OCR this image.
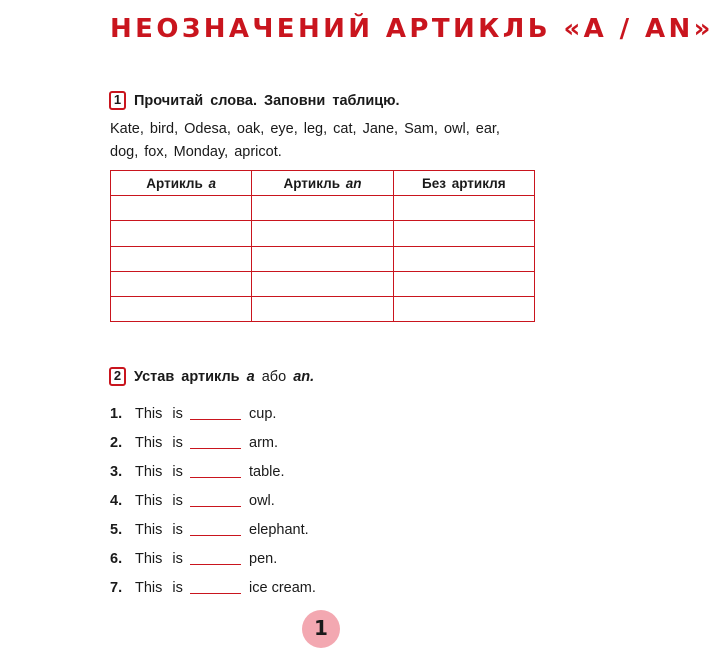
НЕОЗНАЧЕНИЙ АРТИКЛЬ «A / AN»
1 Прочитай слова. Заповни таблицю.
Kate, bird, Odesa, oak, eye, leg, cat, Jane, Sam, owl, ear,
dog, fox, Monday, apricot.
Артикль a	Артикль an	Без артикля

2 Устав артикль a або an.
1. This is	cup.
2. This is	arm.
3. This is	table.
4. This is	owl.
5. This is	elephant.
6. This is	pen.
7. This is	ice cream.
1
